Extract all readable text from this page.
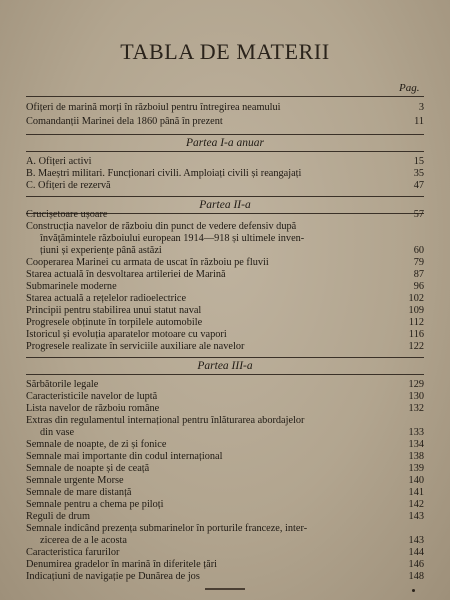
TABLA DE MATERII
Pag.
Ofițeri de marină morți în războiul pentru întregirea neamului	3
Comandanții Marinei dela 1860 până în prezent	11
Partea I-a anuar
A. Ofițeri activi	15
B. Maeștri militari. Funcționari civili. Amploiați civili și reangajați	35
C. Ofițeri de rezervă	47
Partea II-a
Crucișetoare ușoare	57
Construcția navelor de războiu din punct de vedere defensiv după
învățămintele războiului european 1914—918 și ultimele inven-
țiuni și experiențe până astăzi	60
Cooperarea Marinei cu armata de uscat în războiu pe fluvii	79
Starea actuală în desvoltarea artileriei de Marină	87
Submarinele moderne	96
Starea actuală a rețelelor radioelectrice	102
Principii pentru stabilirea unui statut naval	109
Progresele obținute în torpilele automobile	112
Istoricul și evoluția aparatelor motoare cu vapori	116
Progresele realizate în serviciile auxiliare ale navelor	122
Partea III-a
Sărbătorile legale	129
Caracteristicile navelor de luptă	130
Lista navelor de războiu române	132
Extras din regulamentul internațional pentru înlăturarea abordajelor
din vase	133
Semnale de noapte, de zi și fonice	134
Semnale mai importante din codul internațional	138
Semnale de noapte și de ceață	139
Semnale urgente Morse	140
Semnale de mare distanță	141
Semnale pentru a chema pe piloți	142
Reguli de drum	143
Semnale indicând prezența submarinelor în porturile franceze, inter-
zicerea de a le acosta	143
Caracteristica farurilor	144
Denumirea gradelor în marină în diferitele țări	146
Indicațiuni de navigație pe Dunărea de jos	148
